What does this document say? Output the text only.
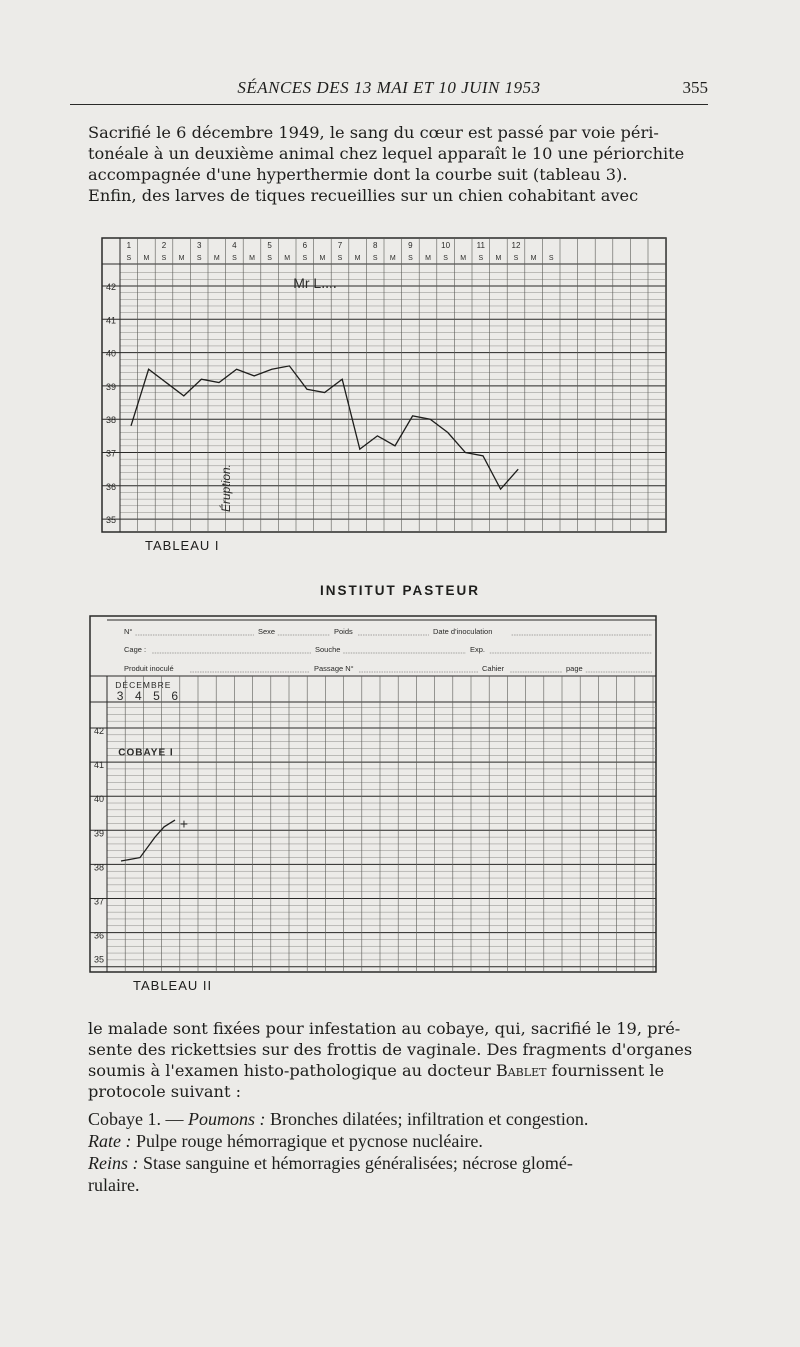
SÉANCES DES 13 MAI ET 10 JUIN 1953	355

Sacrifié le 6 décembre 1949, le sang du cœur est passé par voie péri-

tonéale à un deuxième animal chez lequel apparaît le 10 une périorchite

accompagnée d'une hyperthermie dont la courbe suit (tableau 3).

Enfin, des larves de tiques recueillies sur un chien cohabitant avec

42
41
40
39
38
37
36
35
S M S M S M S M S M S M S M S M S M S M S M S M S
1	2	3	4	5	6	7	8	9	10	11	12
Mr L....
Éruption.
TABLEAU I
INSTITUT PASTEUR
N°	Sexe	Poids	Date d'inoculation
Cage :	Souche	Exp.
Produit inoculé	Passage N°	Cahier	page
42
41
40
39
38
37
36
35
DÉCEMBRE
3 4 5 6
COBAYE I
+
TABLEAU II

le malade sont fixées pour infestation au cobaye, qui, sacrifié le 19, pré-

sente des rickettsies sur des frottis de vaginale. Des fragments d'organes

soumis à l'examen histo-pathologique au docteur Bablet fournissent le

protocole suivant :

Cobaye 1. — Poumons : Bronches dilatées; infiltration et congestion.

Rate : Pulpe rouge hémorragique et pycnose nucléaire.

Reins : Stase sanguine et hémorragies généralisées; nécrose glomé-

rulaire.
